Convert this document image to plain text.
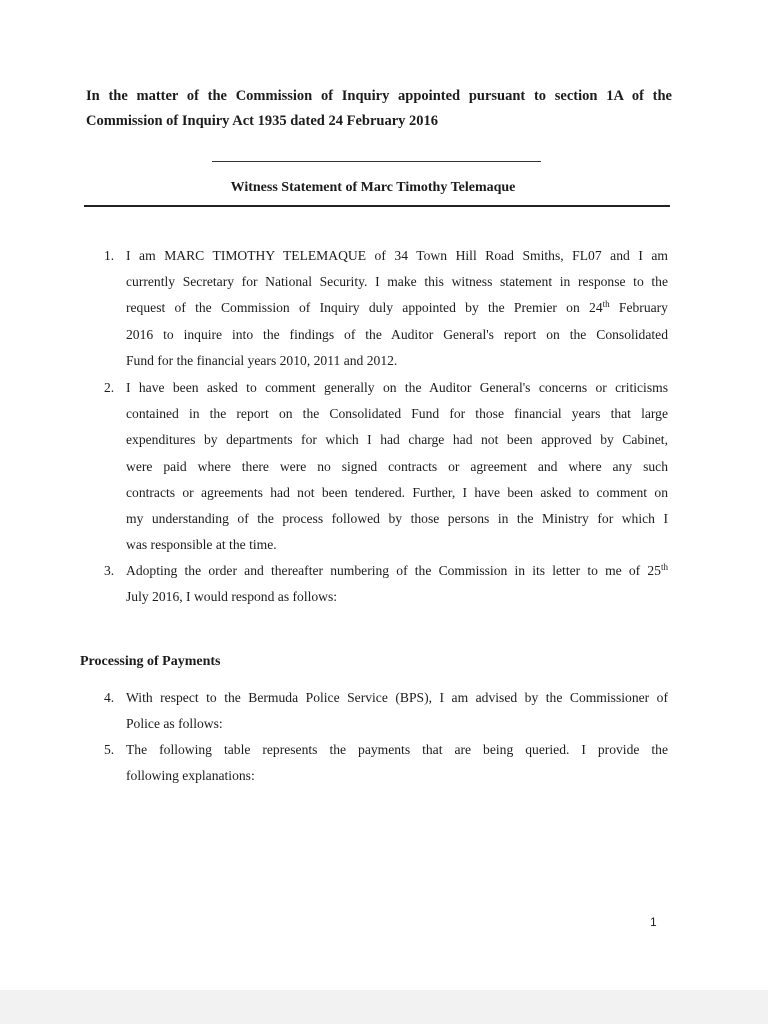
In the matter of the Commission of Inquiry appointed pursuant to section 1A of the
Commission of Inquiry Act 1935 dated 24 February 2016
Witness Statement of Marc Timothy Telemaque
1. I am MARC TIMOTHY TELEMAQUE of 34 Town Hill Road Smiths, FL07 and I am
currently Secretary for National Security. I make this witness statement in response to the
request of the Commission of Inquiry duly appointed by the Premier on 24th February
2016 to inquire into the findings of the Auditor General's report on the Consolidated
Fund for the financial years 2010, 2011 and 2012.
2. I have been asked to comment generally on the Auditor General's concerns or criticisms
contained in the report on the Consolidated Fund for those financial years that large
expenditures by departments for which I had charge had not been approved by Cabinet,
were paid where there were no signed contracts or agreement and where any such
contracts or agreements had not been tendered. Further, I have been asked to comment on
my understanding of the process followed by those persons in the Ministry for which I
was responsible at the time.
3. Adopting the order and thereafter numbering of the Commission in its letter to me of 25th
July 2016, I would respond as follows:
Processing of Payments
4. With respect to the Bermuda Police Service (BPS), I am advised by the Commissioner of
Police as follows:
5. The following table represents the payments that are being queried. I provide the
following explanations:
1
